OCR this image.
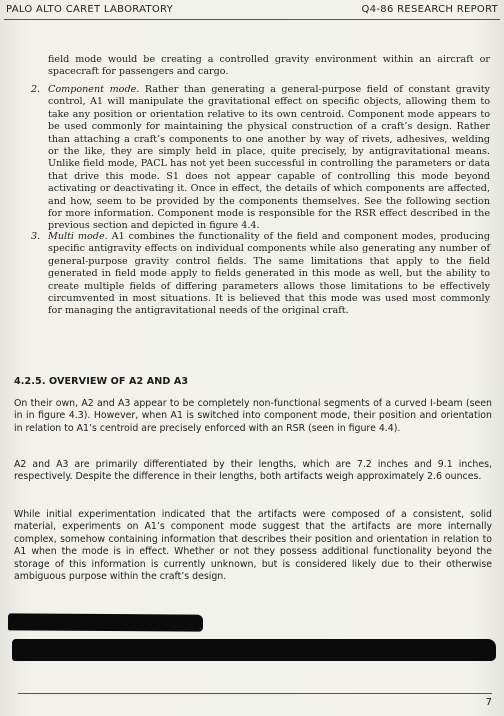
PALO ALTO CARET LABORATORY	Q4-86 RESEARCH REPORT

field mode would be creating a controlled gravity environment within an aircraft or spacecraft for passengers and cargo.

2. Component mode. Rather than generating a general-purpose field of constant gravity control, A1 will manipulate the gravitational effect on specific objects, allowing them to take any position or orientation relative to its own centroid. Component mode appears to be used commonly for maintaining the physical construction of a craft’s design. Rather than attaching a craft’s components to one another by way of rivets, adhesives, welding or the like, they are simply held in place, quite precisely, by antigravitational means. Unlike field mode, PACL has not yet been successful in controlling the parameters or data that drive this mode. S1 does not appear capable of controlling this mode beyond activating or deactivating it. Once in effect, the details of which components are affected, and how, seem to be provided by the components themselves. See the following section for more information. Component mode is responsible for the RSR effect described in the previous section and depicted in figure 4.4.
3. Multi mode. A1 combines the functionality of the field and component modes, producing specific antigravity effects on individual components while also generating any number of general-purpose gravity control fields. The same limitations that apply to the field generated in field mode apply to fields generated in this mode as well, but the ability to create multiple fields of differing parameters allows those limitations to be effectively circumvented in most situations. It is believed that this mode was used most commonly for managing the antigravitational needs of the original craft.
4.2.5. OVERVIEW OF A2 AND A3

On their own, A2 and A3 appear to be completely non-functional segments of a curved I-beam (seen in in figure 4.3). However, when A1 is switched into component mode, their position and orientation in relation to A1’s centroid are precisely enforced with an RSR (seen in figure 4.4).

A2 and A3 are primarily differentiated by their lengths, which are 7.2 inches and 9.1 inches, respectively. Despite the difference in their lengths, both artifacts weigh approximately 2.6 ounces.

While initial experimentation indicated that the artifacts were composed of a consistent, solid material, experiments on A1’s component mode suggest that the artifacts are more internally complex, somehow containing information that describes their position and orientation in relation to A1 when the mode is in effect. Whether or not they possess additional functionality beyond the storage of this information is currently unknown, but is considered likely due to their otherwise ambiguous purpose within the craft’s design.

7
